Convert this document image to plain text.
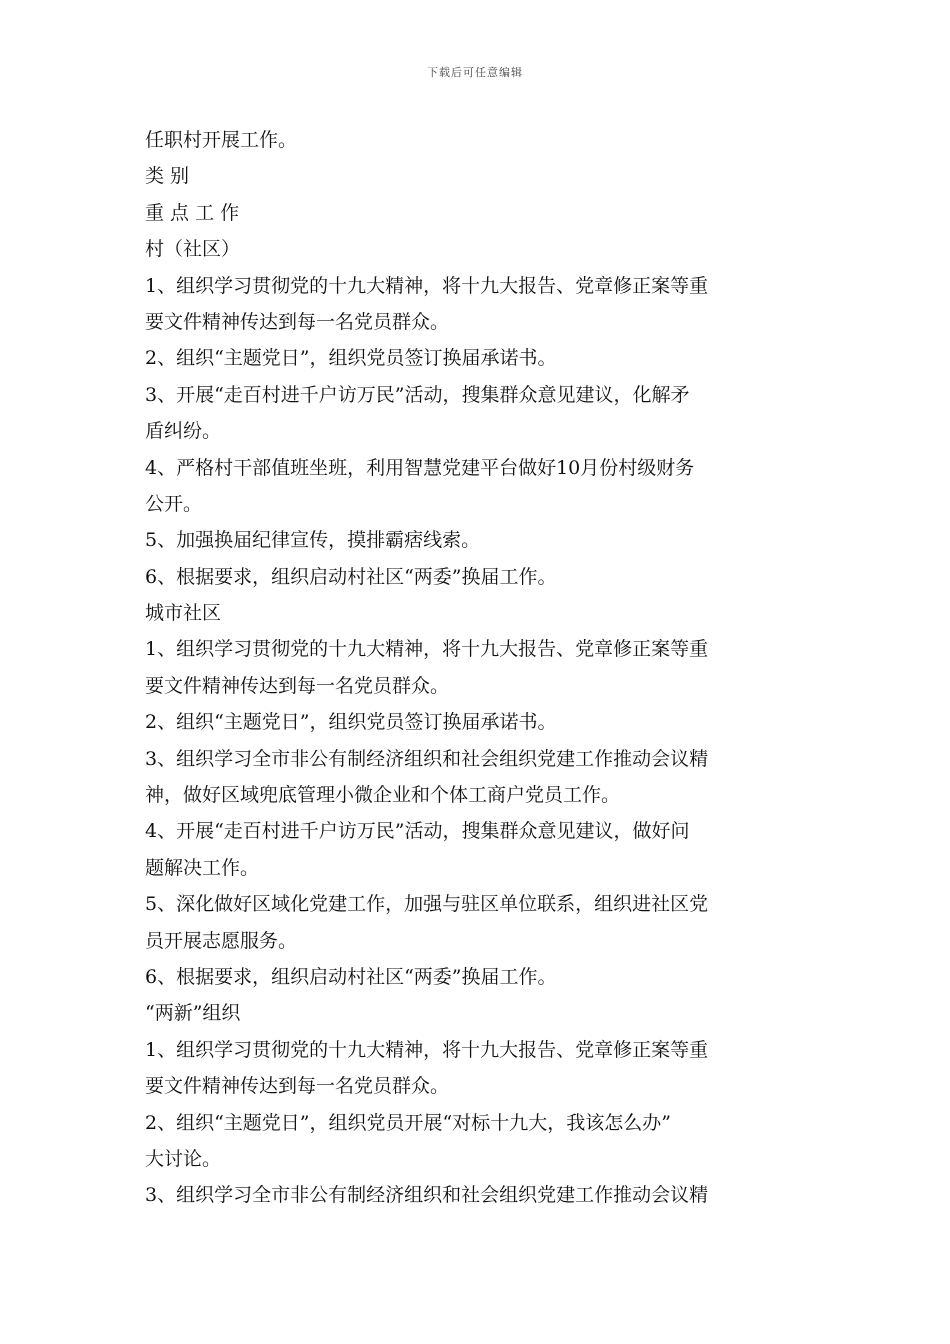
下载后可任意编辑
任职村开展工作。
类 别
重 点 工 作
村（社区）
1、组织学习贯彻党的十九大精神，将十九大报告、党章修正案等重
要文件精神传达到每一名党员群众。
2、组织“主题党日”，组织党员签订换届承诺书。
3、开展“走百村进千户访万民”活动，搜集群众意见建议，化解矛
盾纠纷。
4、严格村干部值班坐班，利用智慧党建平台做好10月份村级财务
公开。
5、加强换届纪律宣传，摸排霸痞线索。
6、根据要求，组织启动村社区“两委”换届工作。
城市社区
1、组织学习贯彻党的十九大精神，将十九大报告、党章修正案等重
要文件精神传达到每一名党员群众。
2、组织“主题党日”，组织党员签订换届承诺书。
3、组织学习全市非公有制经济组织和社会组织党建工作推动会议精
神，做好区域兜底管理小微企业和个体工商户党员工作。
4、开展“走百村进千户访万民”活动，搜集群众意见建议，做好问
题解决工作。
5、深化做好区域化党建工作，加强与驻区单位联系，组织进社区党
员开展志愿服务。
6、根据要求，组织启动村社区“两委”换届工作。
“两新”组织
1、组织学习贯彻党的十九大精神，将十九大报告、党章修正案等重
要文件精神传达到每一名党员群众。
2、组织“主题党日”，组织党员开展“对标十九大，我该怎么办”
大讨论。
3、组织学习全市非公有制经济组织和社会组织党建工作推动会议精
